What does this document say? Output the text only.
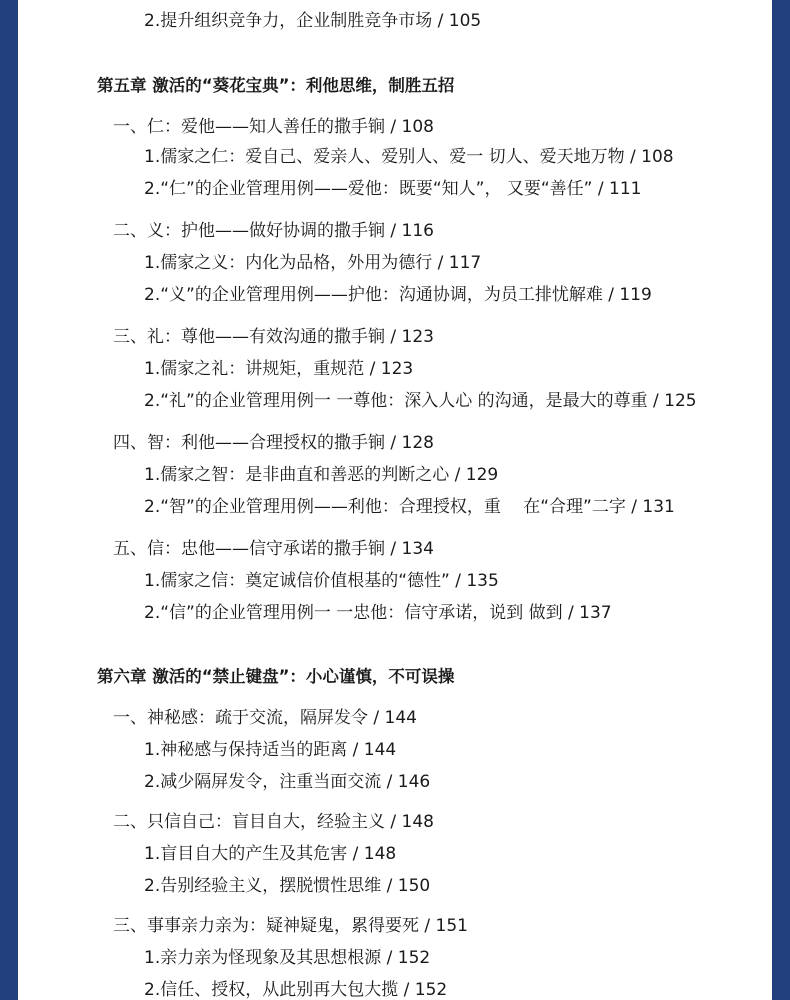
2.提升组织竞争力，企业制胜竞争市场 / 105
第五章 激活的“葵花宝典”：利他思维，制胜五招
一、仁：爱他——知人善任的撒手锏 / 108
1.儒家之仁：爱自己、爱亲人、爱别人、爱一 切人、爱天地万物 / 108
2.“仁”的企业管理用例——爱他：既要“知人”， 又要“善任” / 111
二、义：护他——做好协调的撒手锏 / 116
1.儒家之义：内化为品格，外用为德行 / 117
2.“义”的企业管理用例——护他：沟通协调，为员工排忧解难 / 119
三、礼：尊他——有效沟通的撒手锏 / 123
1.儒家之礼：讲规矩，重规范 / 123
2.“礼”的企业管理用例一 一尊他：深入人心 的沟通，是最大的尊重 / 125
四、智：利他——合理授权的撒手锏 / 128
1.儒家之智：是非曲直和善恶的判断之心 / 129
2.“智”的企业管理用例——利他：合理授权，重　 在“合理”二字 / 131
五、信：忠他——信守承诺的撒手锏 / 134
1.儒家之信：奠定诚信价值根基的“德性” / 135
2.“信”的企业管理用例一 一忠他：信守承诺，说到 做到 / 137
第六章 激活的“禁止键盘”：小心谨慎，不可误操
一、神秘感：疏于交流，隔屏发令 / 144
1.神秘感与保持适当的距离 / 144
2.减少隔屏发令，注重当面交流 / 146
二、只信自己：盲目自大，经验主义 / 148
1.盲目自大的产生及其危害 / 148
2.告别经验主义，摆脱惯性思维 / 150
三、事事亲力亲为：疑神疑鬼，累得要死 / 151
1.亲力亲为怪现象及其思想根源 / 152
2.信任、授权，从此别再大包大揽 / 152
